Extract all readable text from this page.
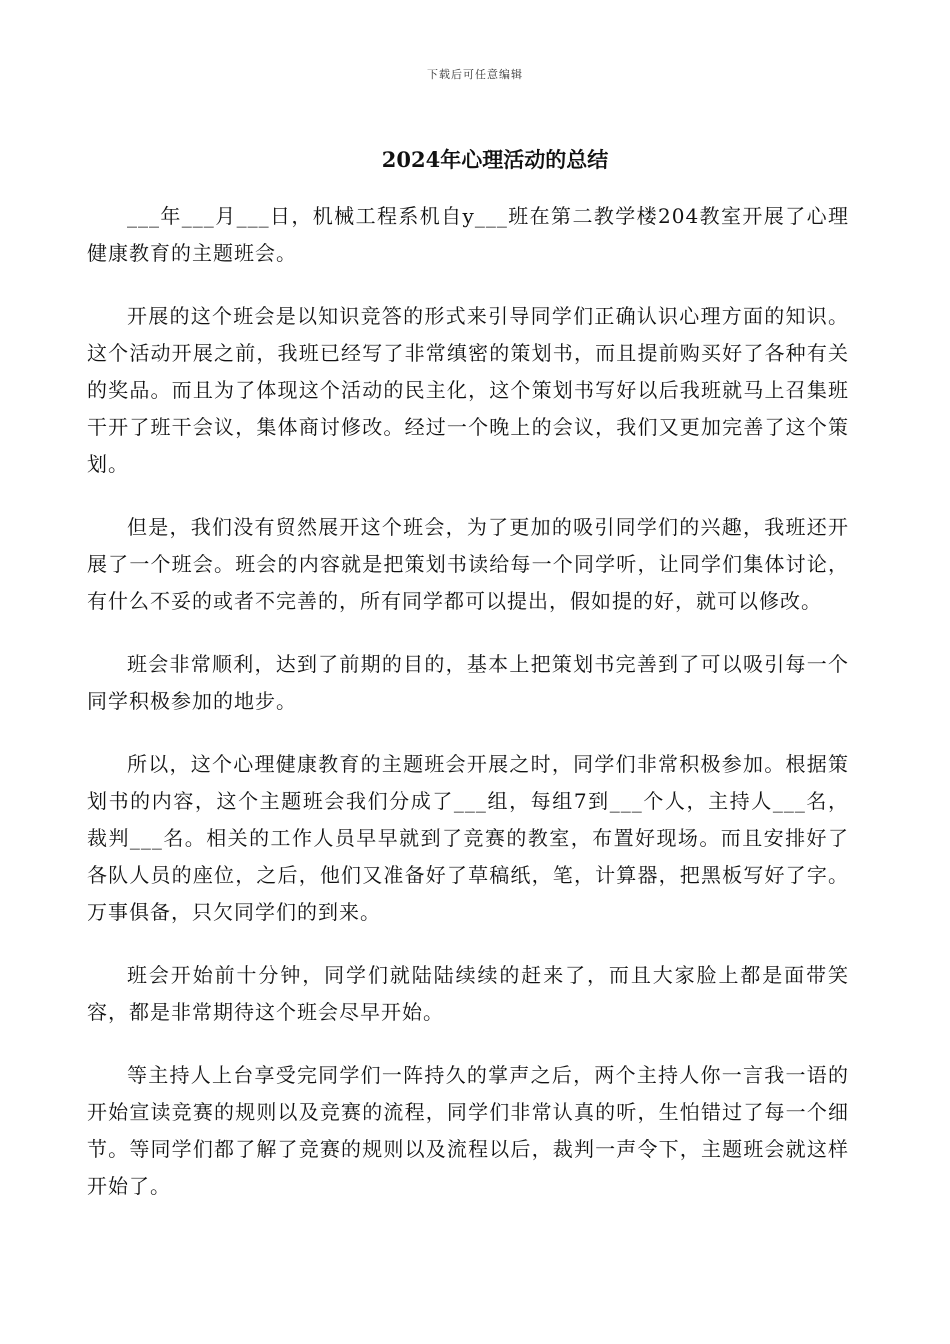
下载后可任意编辑
2024年心理活动的总结

___年___月___日，机械工程系机自y___班在第二教学楼204教室开展了心理健康教育的主题班会。

开展的这个班会是以知识竞答的形式来引导同学们正确认识心理方面的知识。这个活动开展之前，我班已经写了非常缜密的策划书，而且提前购买好了各种有关的奖品。而且为了体现这个活动的民主化，这个策划书写好以后我班就马上召集班干开了班干会议，集体商讨修改。经过一个晚上的会议，我们又更加完善了这个策划。

但是，我们没有贸然展开这个班会，为了更加的吸引同学们的兴趣，我班还开展了一个班会。班会的内容就是把策划书读给每一个同学听，让同学们集体讨论，有什么不妥的或者不完善的，所有同学都可以提出，假如提的好，就可以修改。

班会非常顺利，达到了前期的目的，基本上把策划书完善到了可以吸引每一个同学积极参加的地步。

所以，这个心理健康教育的主题班会开展之时，同学们非常积极参加。根据策划书的内容，这个主题班会我们分成了___组，每组7到___个人，主持人___名，裁判___名。相关的工作人员早早就到了竞赛的教室，布置好现场。而且安排好了各队人员的座位，之后，他们又准备好了草稿纸，笔，计算器，把黑板写好了字。万事俱备，只欠同学们的到来。

班会开始前十分钟，同学们就陆陆续续的赶来了，而且大家脸上都是面带笑容，都是非常期待这个班会尽早开始。

等主持人上台享受完同学们一阵持久的掌声之后，两个主持人你一言我一语的开始宣读竞赛的规则以及竞赛的流程，同学们非常认真的听，生怕错过了每一个细节。等同学们都了解了竞赛的规则以及流程以后，裁判一声令下，主题班会就这样开始了。
